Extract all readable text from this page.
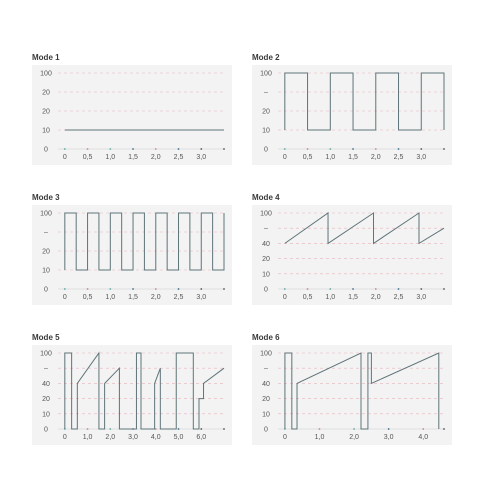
Mode 1
0
10
20
20
100
0 0,5 1,0 1,5 2,0 2,5 3,0
Mode 2
0
10
20
–
100
0 0,5 1,0 1,5 2,0 2,5 3,0
Mode 3
0
10
20
–
100
0 0,5 1,0 1,5 2,0 2,5 3,0
Mode 4
0
10
20
40
–
100
0 0,5 1,0 1,5 2,0 2,5 3,0
Mode 5
0
10
20
40
–
100
0 1,0 2,0 3,0 4,0 5,0 6,0
Mode 6
0
10
20
40
–
100
0	1,0	2,0	3,0	4,0
